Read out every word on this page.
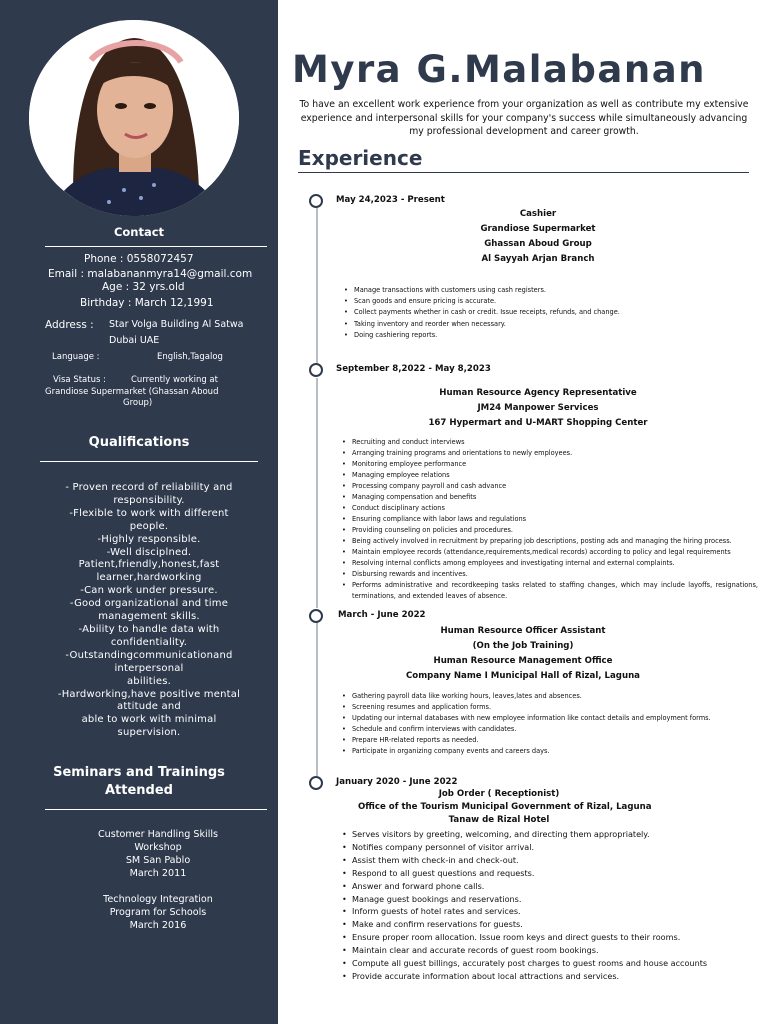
Contact
Phone : 0558072457
Email : malabananmyra14@gmail.com
Age : 32 yrs.old
Birthday : March 12,1991
Address : Star Volga Building Al Satwa
Dubai UAE
Language :	English,Tagalog
Visa Status :	Currently working at
Grandiose Supermarket (Ghassan Aboud
Group)
Qualifications
- Proven record of reliability and
responsibility.
-Flexible to work with different
people.
-Highly responsible.
-Well disciplned.
Patient,friendly,honest,fast
learner,hardworking
-Can work under pressure.
-Good organizational and time
management skills.
-Ability to handle data with
confidentiality.
-Outstandingcommunicationand
interpersonal
abilities.
-Hardworking,have positive mental
attitude and
able to work with minimal
supervision.
Seminars and Trainings
Attended
Customer Handling Skills
Workshop
SM San Pablo
March 2011
Technology Integration
Program for Schools
March 2016
Myra G.Malabanan
To have an excellent work experience from your organization as well as contribute my extensive experience and interpersonal skills for your company's success while simultaneously advancing my professional development and career growth.
Experience
May 24,2023 - Present
Cashier
Grandiose Supermarket
Ghassan Aboud Group
Al Sayyah Arjan Branch
• Manage transactions with customers using cash registers.
• Scan goods and ensure pricing is accurate.
• Collect payments whether in cash or credit. Issue receipts, refunds, and change.
• Taking inventory and reorder when necessary.
• Doing cashiering reports.
September 8,2022 - May 8,2023
Human Resource Agency Representative
JM24 Manpower Services
167 Hypermart and U-MART Shopping Center
• Recruiting and conduct interviews
• Arranging training programs and orientations to newly employees.
• Monitoring employee performance
• Managing employee relations
• Processing company payroll and cash advance
• Managing compensation and benefits
• Conduct disciplinary actions
• Ensuring compliance with labor laws and regulations
• Providing counseling on policies and procedures.
• Being actively involved in recruitment by preparing job descriptions, posting ads and managing the hiring process.
• Maintain employee records (attendance,requirements,medical records) according to policy and legal requirements
• Resolving internal conflicts among employees and investigating internal and external complaints.
• Disbursing rewards and incentives.
• Performs administrative and recordkeeping tasks related to staffing changes, which may include layoffs, resignations, terminations, and extended leaves of absence.
March - June 2022
Human Resource Officer Assistant
(On the Job Training)
Human Resource Management Office
Company Name I Municipal Hall of Rizal, Laguna
• Gathering payroll data like working hours, leaves,lates and absences.
• Screening resumes and application forms.
• Updating our internal databases with new employee information like contact details and employment forms.
• Schedule and confirm interviews with candidates.
• Prepare HR-related reports as needed.
• Participate in organizing company events and careers days.
January 2020 - June 2022
Job Order ( Receptionist)
Office of the Tourism Municipal Government of Rizal, Laguna
Tanaw de Rizal Hotel
• Serves visitors by greeting, welcoming, and directing them appropriately.
• Notifies company personnel of visitor arrival.
• Assist them with check-in and check-out.
• Respond to all guest questions and requests.
• Answer and forward phone calls.
• Manage guest bookings and reservations.
• Inform guests of hotel rates and services.
• Make and confirm reservations for guests.
• Ensure proper room allocation. Issue room keys and direct guests to their rooms.
• Maintain clear and accurate records of guest room bookings.
• Compute all guest billings, accurately post charges to guest rooms and house accounts
• Provide accurate information about local attractions and services.
